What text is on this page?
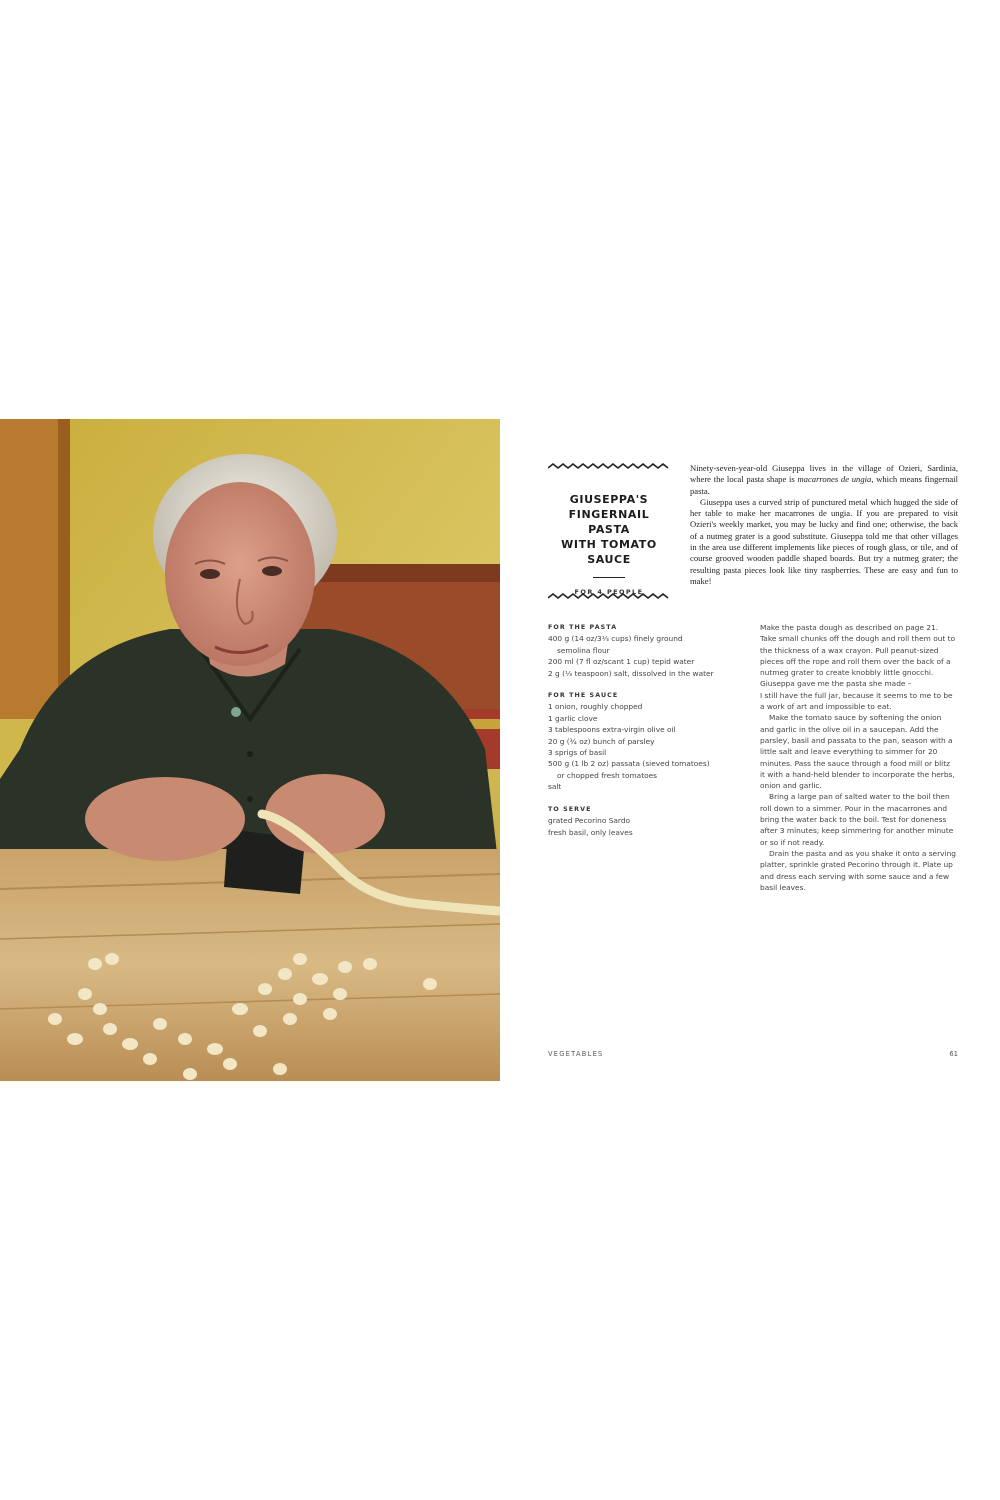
GIUSEPPA'S
FINGERNAIL PASTA
WITH TOMATO SAUCE
FOR 4 PEOPLE

Ninety-seven-year-old Giuseppa lives in the village of Ozieri, Sardinia, where the local pasta shape is macarrones de ungia, which means fingernail pasta.

Giuseppa uses a curved strip of punctured metal which hugged the side of her table to make her macarrones de ungia. If you are prepared to visit Ozieri's weekly market, you may be lucky and find one; otherwise, the back of a nutmeg grater is a good substitute. Giuseppa told me that other villages in the area use different implements like pieces of rough glass, or tile, and of course grooved wooden paddle shaped boards. But try a nutmeg grater; the resulting pasta pieces look like tiny raspberries. These are easy and fun to make!

FOR THE PASTA
400 g (14 oz/3⅓ cups) finely ground semolina flour
200 ml (7 fl oz/scant 1 cup) tepid water
2 g (⅓ teaspoon) salt, dissolved in the water
FOR THE SAUCE
1 onion, roughly chopped
1 garlic clove
3 tablespoons extra-virgin olive oil
20 g (¾ oz) bunch of parsley
3 sprigs of basil
500 g (1 lb 2 oz) passata (sieved tomatoes) or chopped fresh tomatoes
salt
TO SERVE
grated Pecorino Sardo
fresh basil, only leaves

Make the pasta dough as described on page 21. Take small chunks off the dough and roll them out to the thickness of a wax crayon. Pull peanut-sized pieces off the rope and roll them over the back of a nutmeg grater to create knobbly little gnocchi. Giuseppa gave me the pasta she made –

I still have the full jar, because it seems to me to be a work of art and impossible to eat.

Make the tomato sauce by softening the onion and garlic in the olive oil in a saucepan. Add the parsley, basil and passata to the pan, season with a little salt and leave everything to simmer for 20 minutes. Pass the sauce through a food mill or blitz it with a hand-held blender to incorporate the herbs, onion and garlic.

Bring a large pan of salted water to the boil then roll down to a simmer. Pour in the macarrones and bring the water back to the boil. Test for doneness after 3 minutes; keep simmering for another minute or so if not ready.

Drain the pasta and as you shake it onto a serving platter, sprinkle grated Pecorino through it. Plate up and dress each serving with some sauce and a few basil leaves.

VEGETABLES	61
